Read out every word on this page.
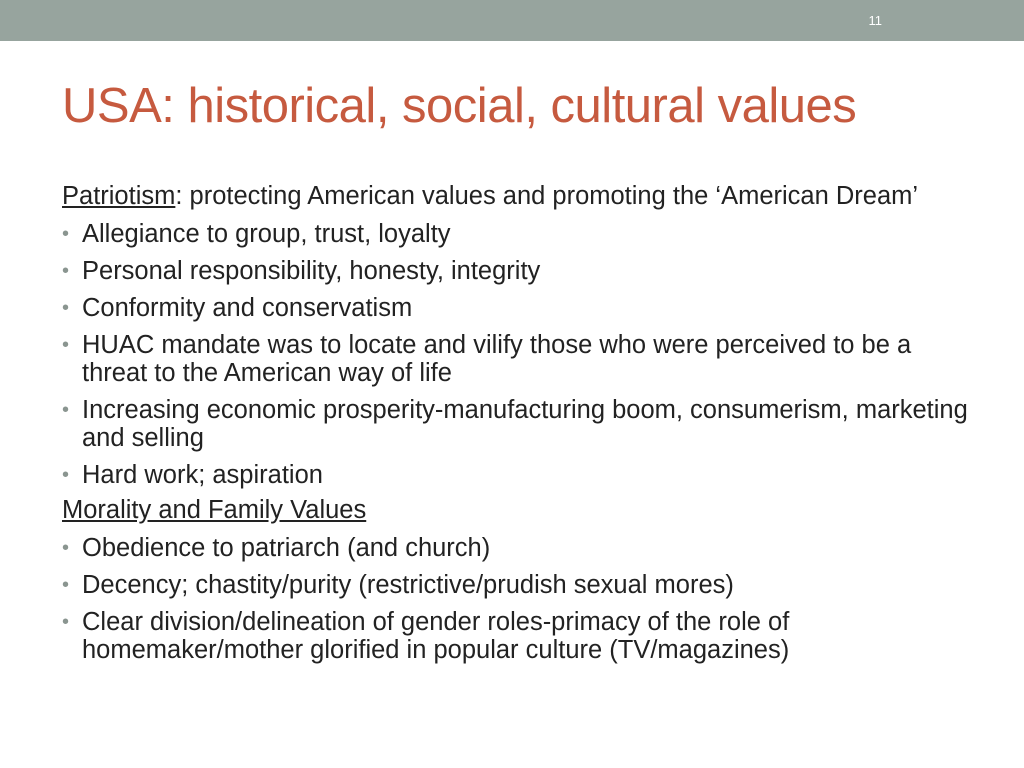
11
USA: historical, social, cultural values
Patriotism: protecting American values and promoting the ‘American Dream’
• Allegiance to group, trust, loyalty
• Personal responsibility, honesty, integrity
• Conformity and conservatism
• HUAC mandate was to locate and vilify those who were perceived to be a threat to the American way of life
• Increasing economic prosperity-manufacturing boom, consumerism, marketing and selling
• Hard work; aspiration
Morality and Family Values
• Obedience to patriarch (and church)
• Decency; chastity/purity (restrictive/prudish sexual mores)
• Clear division/delineation of gender roles-primacy of the role of homemaker/mother glorified in popular culture (TV/magazines)
